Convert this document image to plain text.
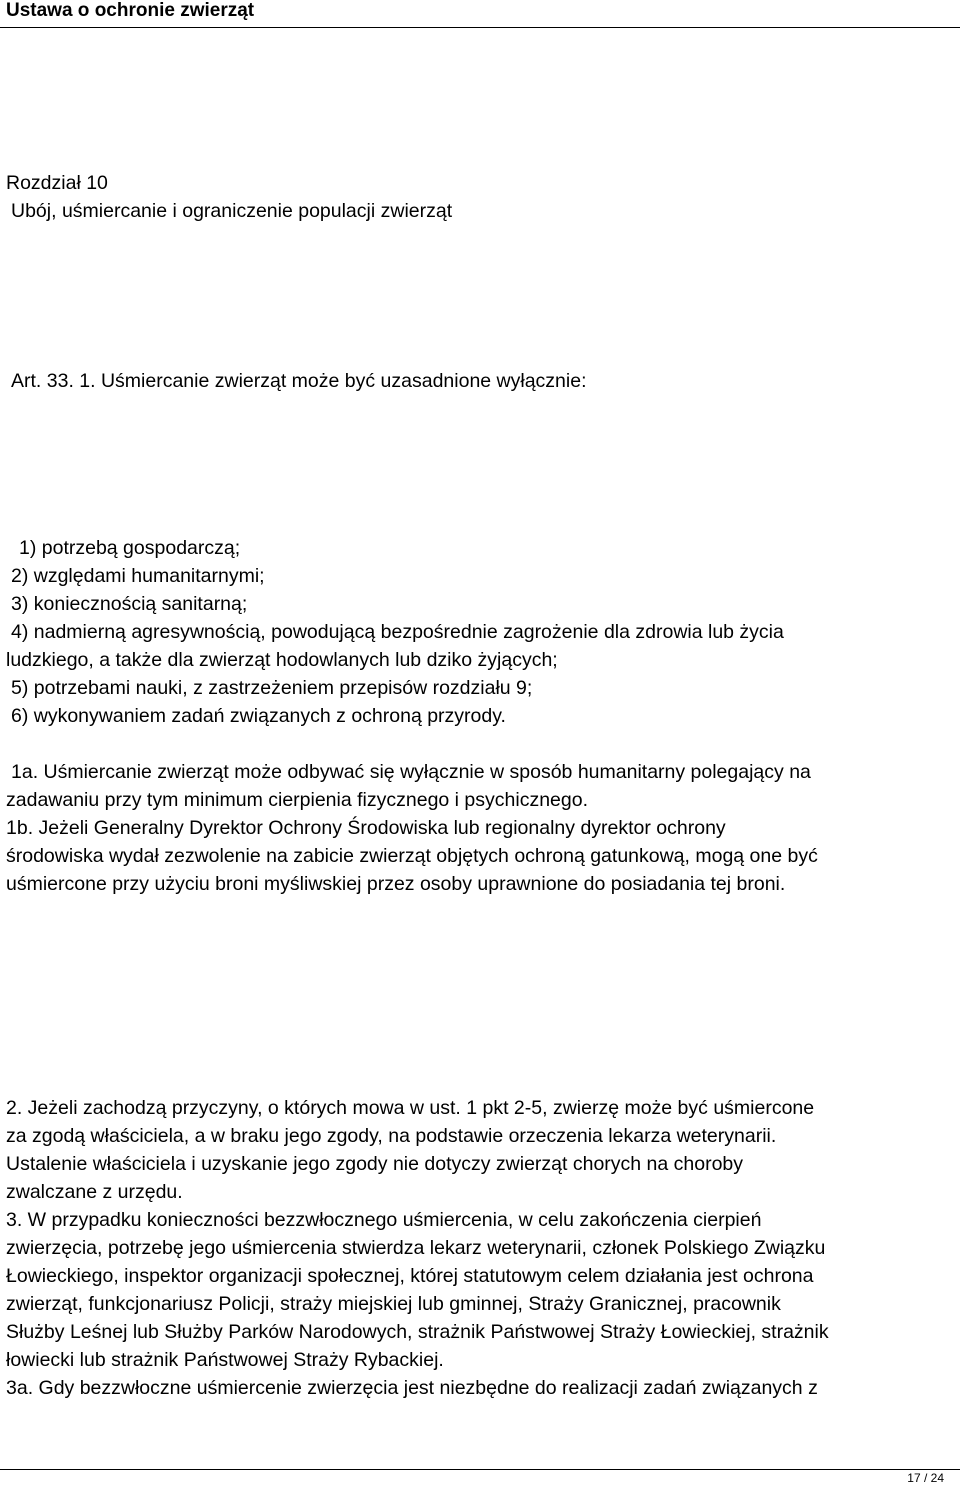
Ustawa o ochronie zwierząt
Rozdział 10
Ubój, uśmiercanie i ograniczenie populacji zwierząt
Art. 33. 1. Uśmiercanie zwierząt może być uzasadnione wyłącznie:
1) potrzebą gospodarczą;
2) względami humanitarnymi;
3) koniecznością sanitarną;
4) nadmierną agresywnością, powodującą bezpośrednie zagrożenie dla zdrowia lub życia
ludzkiego, a także dla zwierząt hodowlanych lub dziko żyjących;
5) potrzebami nauki, z zastrzeżeniem przepisów rozdziału 9;
6) wykonywaniem zadań związanych z ochroną przyrody.
1a. Uśmiercanie zwierząt może odbywać się wyłącznie w sposób humanitarny polegający na
zadawaniu przy tym minimum cierpienia fizycznego i psychicznego.
1b. Jeżeli Generalny Dyrektor Ochrony Środowiska lub regionalny dyrektor ochrony
środowiska wydał zezwolenie na zabicie zwierząt objętych ochroną gatunkową, mogą one być
uśmiercone przy użyciu broni myśliwskiej przez osoby uprawnione do posiadania tej broni.
2. Jeżeli zachodzą przyczyny, o których mowa w ust. 1 pkt 2-5, zwierzę może być uśmiercone
za zgodą właściciela, a w braku jego zgody, na podstawie orzeczenia lekarza weterynarii.
Ustalenie właściciela i uzyskanie jego zgody nie dotyczy zwierząt chorych na choroby
zwalczane z urzędu.
3. W przypadku konieczności bezzwłocznego uśmiercenia, w celu zakończenia cierpień
zwierzęcia, potrzebę jego uśmiercenia stwierdza lekarz weterynarii, członek Polskiego Związku
Łowieckiego, inspektor organizacji społecznej, której statutowym celem działania jest ochrona
zwierząt, funkcjonariusz Policji, straży miejskiej lub gminnej, Straży Granicznej, pracownik
Służby Leśnej lub Służby Parków Narodowych, strażnik Państwowej Straży Łowieckiej, strażnik
łowiecki lub strażnik Państwowej Straży Rybackiej.
3a. Gdy bezzwłoczne uśmiercenie zwierzęcia jest niezbędne do realizacji zadań związanych z
17 / 24
